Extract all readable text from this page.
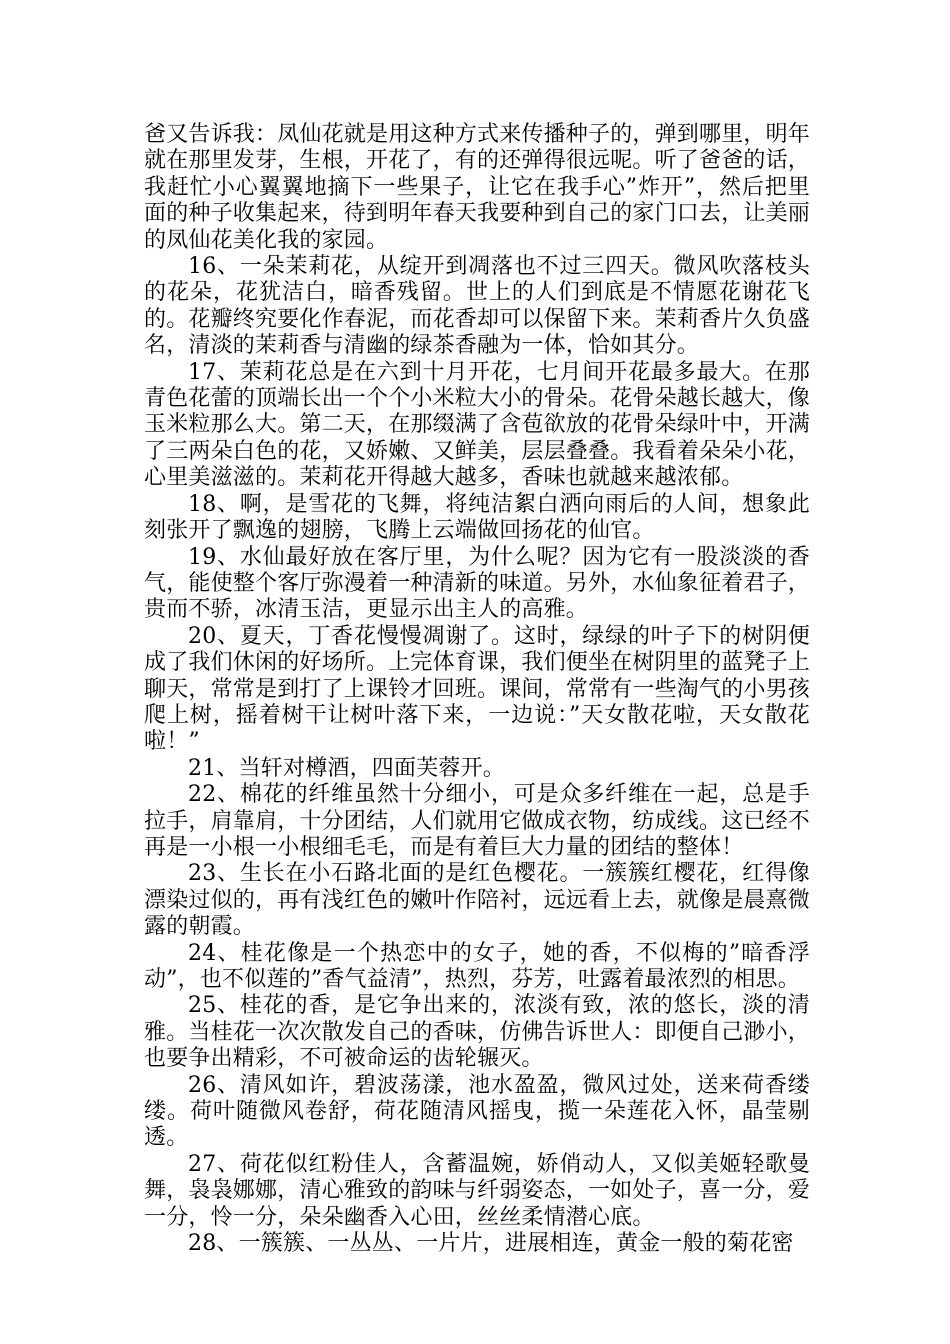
爸又告诉我：凤仙花就是用这种方式来传播种子的，弹到哪里，明年就在那里发芽，生根，开花了，有的还弹得很远呢。听了爸爸的话，我赶忙小心翼翼地摘下一些果子，让它在我手心”炸开”，然后把里面的种子收集起来，待到明年春天我要种到自己的家门口去，让美丽的凤仙花美化我的家园。

16、一朵茉莉花，从绽开到凋落也不过三四天。微风吹落枝头的花朵，花犹洁白，暗香残留。世上的人们到底是不情愿花谢花飞的。花瓣终究要化作春泥，而花香却可以保留下来。茉莉香片久负盛名，清淡的茉莉香与清幽的绿茶香融为一体，恰如其分。

17、茉莉花总是在六到十月开花，七月间开花最多最大。在那青色花蕾的顶端长出一个个小米粒大小的骨朵。花骨朵越长越大，像玉米粒那么大。第二天，在那缀满了含苞欲放的花骨朵绿叶中，开满了三两朵白色的花，又娇嫩、又鲜美，层层叠叠。我看着朵朵小花，心里美滋滋的。茉莉花开得越大越多，香味也就越来越浓郁。

18、啊，是雪花的飞舞，将纯洁絮白洒向雨后的人间，想象此刻张开了飘逸的翅膀，飞腾上云端做回扬花的仙官。

19、水仙最好放在客厅里，为什么呢？因为它有一股淡淡的香气，能使整个客厅弥漫着一种清新的味道。另外，水仙象征着君子，贵而不骄，冰清玉洁，更显示出主人的高雅。

20、夏天，丁香花慢慢凋谢了。这时，绿绿的叶子下的树阴便成了我们休闲的好场所。上完体育课，我们便坐在树阴里的蓝凳子上聊天，常常是到打了上课铃才回班。课间，常常有一些淘气的小男孩爬上树，摇着树干让树叶落下来，一边说：”天女散花啦，天女散花啦！”

21、当轩对樽酒，四面芙蓉开。

22、棉花的纤维虽然十分细小，可是众多纤维在一起，总是手拉手，肩靠肩，十分团结，人们就用它做成衣物，纺成线。这已经不再是一小根一小根细毛毛，而是有着巨大力量的团结的整体！

23、生长在小石路北面的是红色樱花。一簇簇红樱花，红得像漂染过似的，再有浅红色的嫩叶作陪衬，远远看上去，就像是晨熹微露的朝霞。

24、桂花像是一个热恋中的女子，她的香，不似梅的”暗香浮动”，也不似莲的”香气益清”，热烈，芬芳，吐露着最浓烈的相思。

25、桂花的香，是它争出来的，浓淡有致，浓的悠长，淡的清雅。当桂花一次次散发自己的香味，仿佛告诉世人：即便自己渺小，也要争出精彩，不可被命运的齿轮辗灭。

26、清风如许，碧波荡漾，池水盈盈，微风过处，送来荷香缕缕。荷叶随微风卷舒，荷花随清风摇曳，揽一朵莲花入怀，晶莹剔透。

27、荷花似红粉佳人，含蓄温婉，娇俏动人，又似美姬轻歌曼舞，袅袅娜娜，清心雅致的韵味与纤弱姿态，一如处子，喜一分，爱一分，怜一分，朵朵幽香入心田，丝丝柔情潜心底。

28、一簇簇、一丛丛、一片片，进展相连，黄金一般的菊花密
